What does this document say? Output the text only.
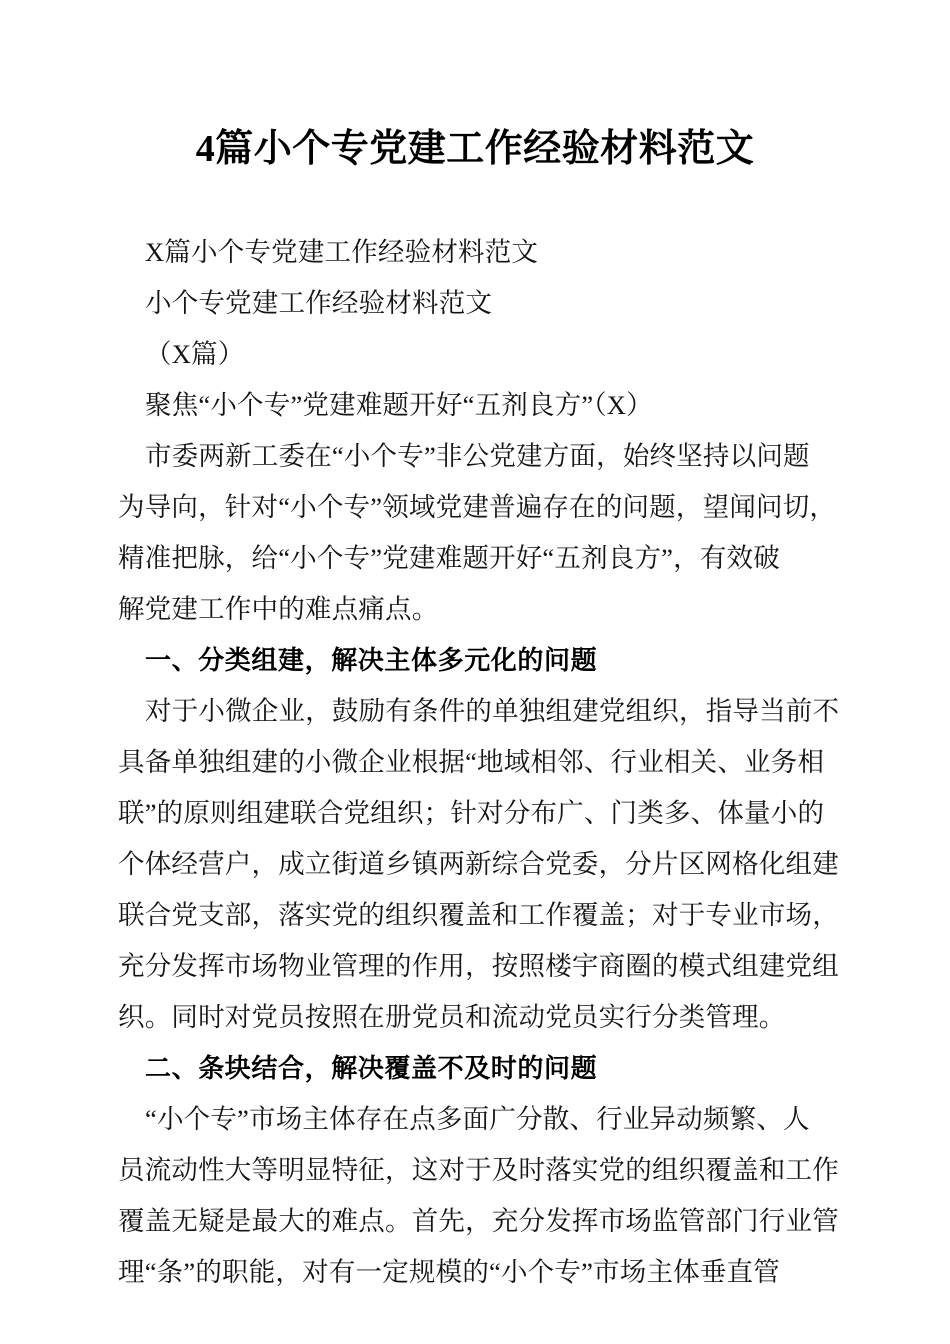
4篇小个专党建工作经验材料范文
X篇小个专党建工作经验材料范文
小个专党建工作经验材料范文
（X篇）
聚焦“小个专”党建难题开好“五剂良方”（X）
市委两新工委在“小个专”非公党建方面，始终坚持以问题
为导向，针对“小个专”领域党建普遍存在的问题，望闻问切，
精准把脉，给“小个专”党建难题开好“五剂良方”，有效破
解党建工作中的难点痛点。
一、分类组建，解决主体多元化的问题
对于小微企业，鼓励有条件的单独组建党组织，指导当前不
具备单独组建的小微企业根据“地域相邻、行业相关、业务相
联”的原则组建联合党组织；针对分布广、门类多、体量小的
个体经营户，成立街道乡镇两新综合党委，分片区网格化组建
联合党支部，落实党的组织覆盖和工作覆盖；对于专业市场，
充分发挥市场物业管理的作用，按照楼宇商圈的模式组建党组
织。同时对党员按照在册党员和流动党员实行分类管理。
二、条块结合，解决覆盖不及时的问题
“小个专”市场主体存在点多面广分散、行业异动频繁、人
员流动性大等明显特征，这对于及时落实党的组织覆盖和工作
覆盖无疑是最大的难点。首先，充分发挥市场监管部门行业管
理“条”的职能，对有一定规模的“小个专”市场主体垂直管
